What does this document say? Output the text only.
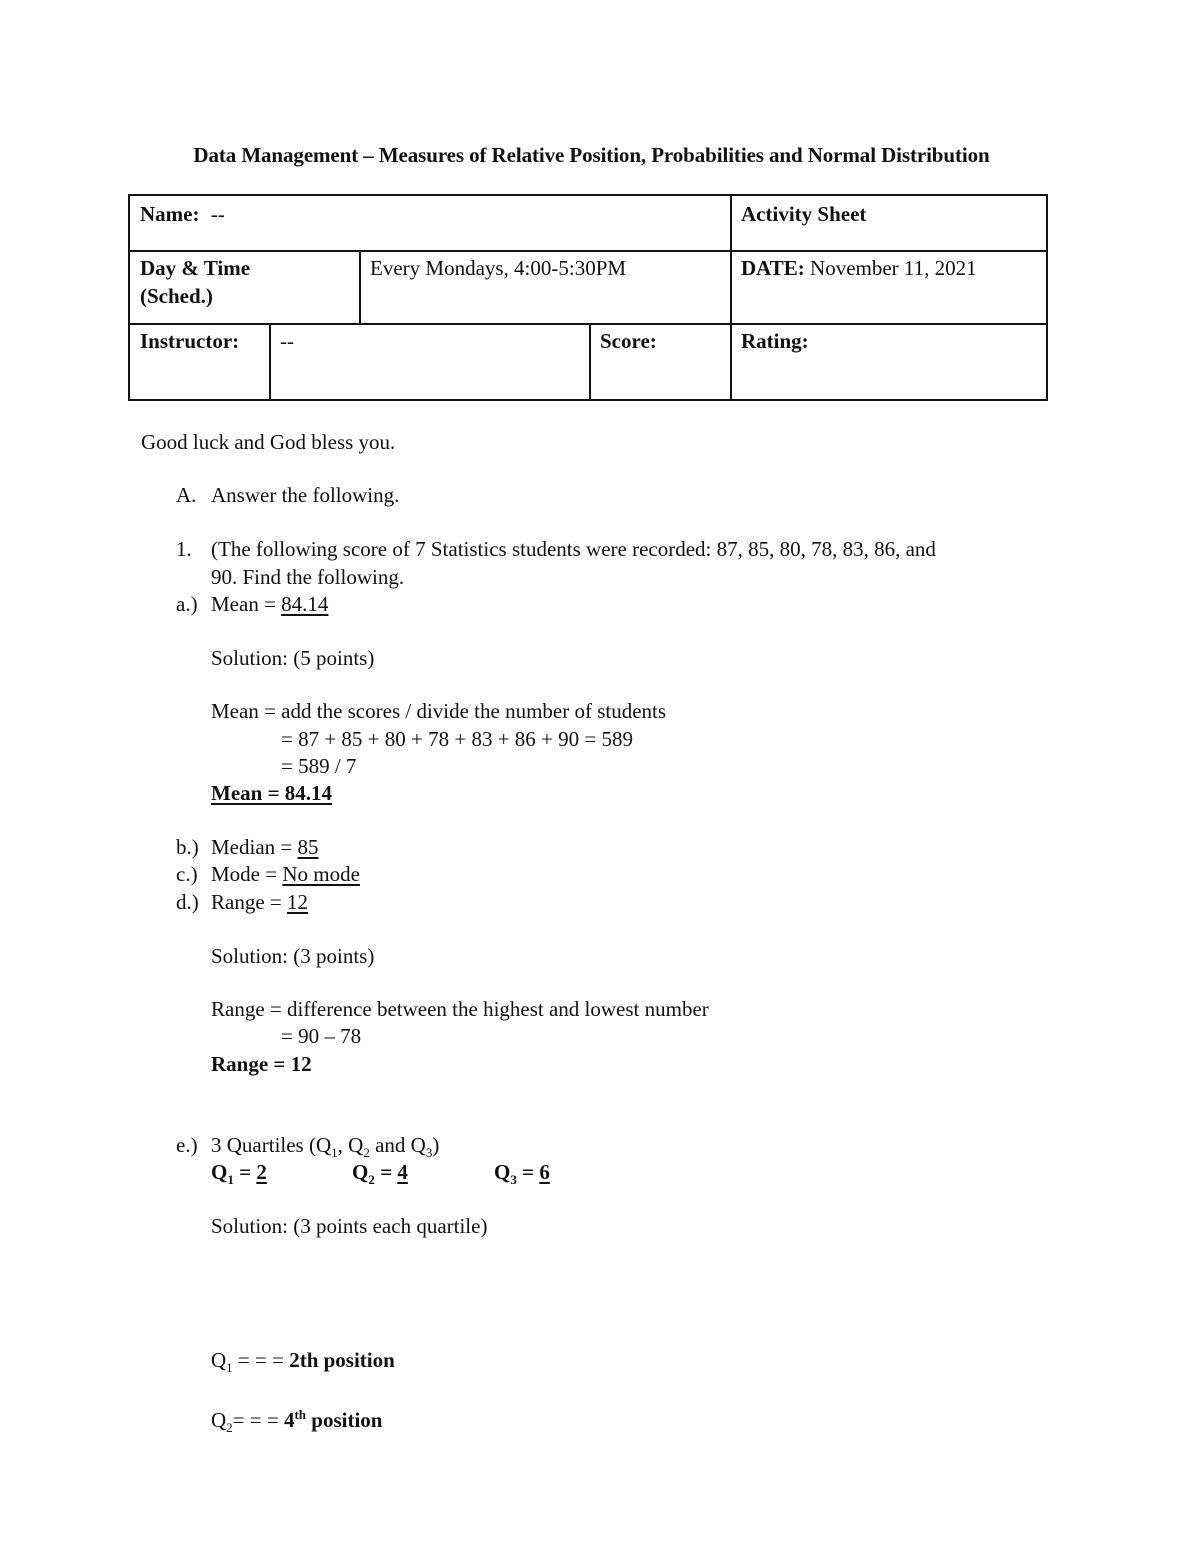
Data Management – Measures of Relative Position, Probabilities and Normal Distribution
Name: --	Activity Sheet
Day & Time
(Sched.)
Every Mondays, 4:00-5:30PM	DATE: November 11, 2021
Instructor:	--	Score:	Rating:
Good luck and God bless you.
A. Answer the following.
1. (The following score of 7 Statistics students were recorded: 87, 85, 80, 78, 83, 86, and
90. Find the following.
a.) Mean = 84.14
Solution: (5 points)
Mean = add the scores / divide the number of students
= 87 + 85 + 80 + 78 + 83 + 86 + 90 = 589
= 589 / 7
Mean = 84.14
b.) Median = 85
c.) Mode = No mode
d.) Range = 12
Solution: (3 points)
Range = difference between the highest and lowest number
= 90 – 78
Range = 12
e.) 3 Quartiles ($Q_1$, $Q_2$ and $Q_3$)
$Q_1 = 2$	$Q_2 = 4$	$Q_3 = 6$
Solution: (3 points each quartile)
$Q_1$ = = = 2th position
$Q_2=$ = = 4th position
